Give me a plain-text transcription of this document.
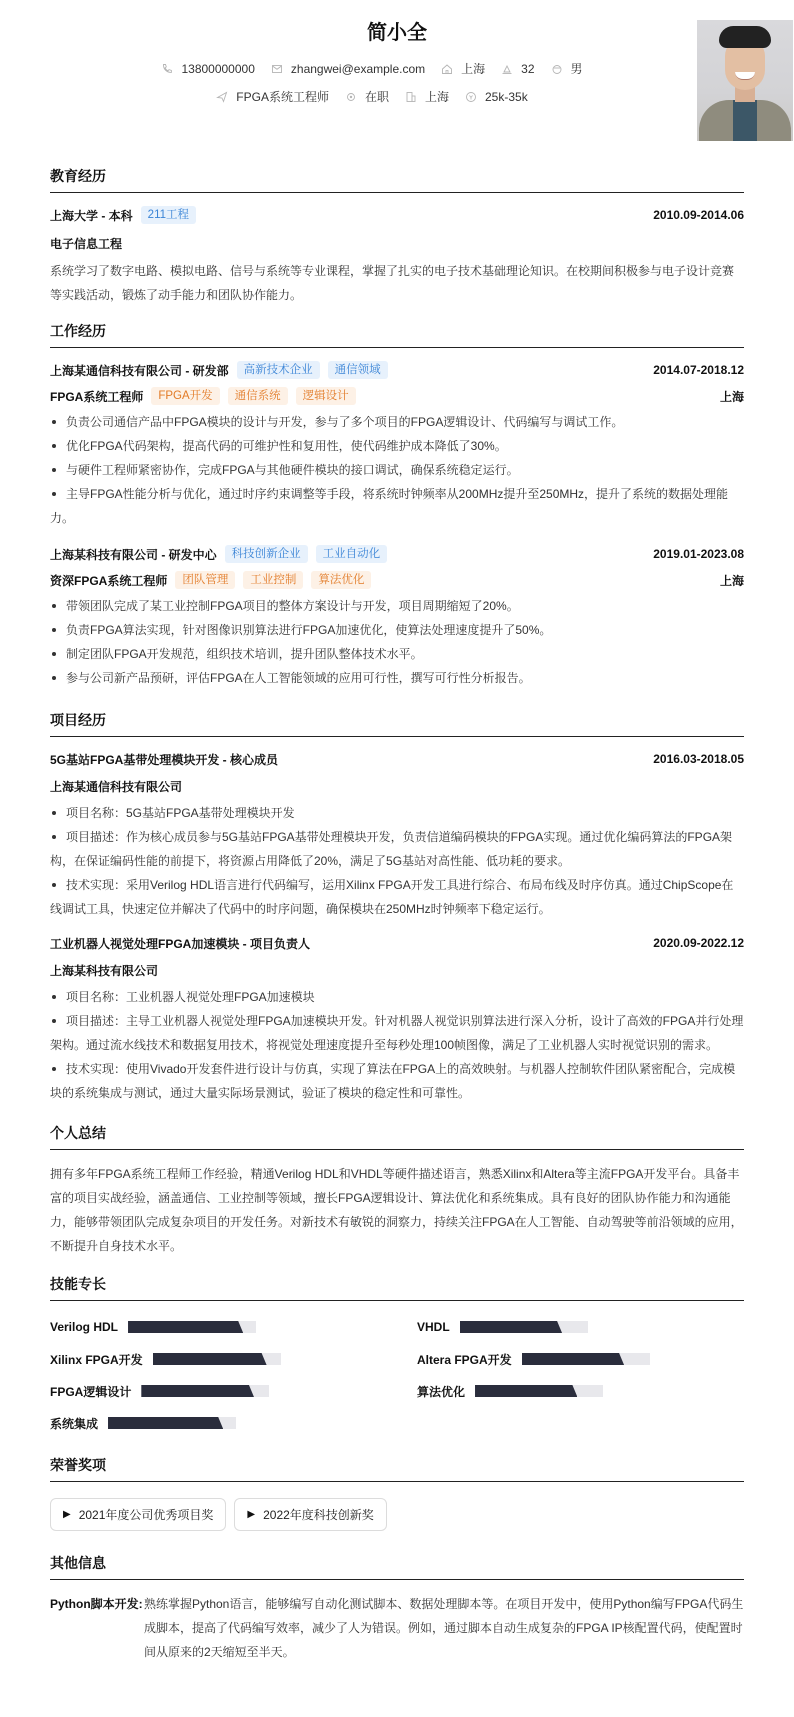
简小全
13800000000	zhangwei@example.com	上海	32	男
FPGA系统工程师	在职	上海	25k-35k
教育经历
上海大学 - 本科	211工程	2010.09-2014.06
电子信息工程
系统学习了数字电路、模拟电路、信号与系统等专业课程，掌握了扎实的电子技术基础理论知识。在校期间积极参与电子设计竞赛
等实践活动，锻炼了动手能力和团队协作能力。
工作经历
上海某通信科技有限公司 - 研发部	高新技术企业	通信领域	2014.07-2018.12
FPGA系统工程师	FPGA开发	通信系统	逻辑设计	上海
负责公司通信产品中FPGA模块的设计与开发，参与了多个项目的FPGA逻辑设计、代码编写与调试工作。
优化FPGA代码架构，提高代码的可维护性和复用性，使代码维护成本降低了30%。
与硬件工程师紧密协作，完成FPGA与其他硬件模块的接口调试，确保系统稳定运行。
主导FPGA性能分析与优化，通过时序约束调整等手段，将系统时钟频率从200MHz提升至250MHz，提升了系统的数据处理能力。
上海某科技有限公司 - 研发中心	科技创新企业	工业自动化	2019.01-2023.08
资深FPGA系统工程师	团队管理	工业控制	算法优化	上海
带领团队完成了某工业控制FPGA项目的整体方案设计与开发，项目周期缩短了20%。
负责FPGA算法实现，针对图像识别算法进行FPGA加速优化，使算法处理速度提升了50%。
制定团队FPGA开发规范，组织技术培训，提升团队整体技术水平。
参与公司新产品预研，评估FPGA在人工智能领域的应用可行性，撰写可行性分析报告。
项目经历
5G基站FPGA基带处理模块开发 - 核心成员	2016.03-2018.05
上海某通信科技有限公司
项目名称：5G基站FPGA基带处理模块开发
项目描述：作为核心成员参与5G基站FPGA基带处理模块开发，负责信道编码模块的FPGA实现。通过优化编码算法的FPGA架构，在保证编码性能的前提下，将资源占用降低了20%，满足了5G基站对高性能、低功耗的要求。
技术实现：采用Verilog HDL语言进行代码编写，运用Xilinx FPGA开发工具进行综合、布局布线及时序仿真。通过ChipScope在线调试工具，快速定位并解决了代码中的时序问题，确保模块在250MHz时钟频率下稳定运行。
工业机器人视觉处理FPGA加速模块 - 项目负责人	2020.09-2022.12
上海某科技有限公司
项目名称：工业机器人视觉处理FPGA加速模块
项目描述：主导工业机器人视觉处理FPGA加速模块开发。针对机器人视觉识别算法进行深入分析，设计了高效的FPGA并行处理架构。通过流水线技术和数据复用技术，将视觉处理速度提升至每秒处理100帧图像，满足了工业机器人实时视觉识别的需求。
技术实现：使用Vivado开发套件进行设计与仿真，实现了算法在FPGA上的高效映射。与机器人控制软件团队紧密配合，完成模块的系统集成与测试，通过大量实际场景测试，验证了模块的稳定性和可靠性。
个人总结
拥有多年FPGA系统工程师工作经验，精通Verilog HDL和VHDL等硬件描述语言，熟悉Xilinx和Altera等主流FPGA开发平台。具备丰富的项目实战经验，涵盖通信、工业控制等领域，擅长FPGA逻辑设计、算法优化和系统集成。具有良好的团队协作能力和沟通能力，能够带领团队完成复杂项目的开发任务。对新技术有敏锐的洞察力，持续关注FPGA在人工智能、自动驾驶等前沿领域的应用，不断提升自身技术水平。
技能专长
Verilog HDL	VHDL
Xilinx FPGA开发	Altera FPGA开发
FPGA逻辑设计	算法优化
系统集成
荣誉奖项
▶ 2021年度公司优秀项目奖	▶ 2022年度科技创新奖
其他信息
Python脚本开发: 熟练掌握Python语言，能够编写自动化测试脚本、数据处理脚本等。在项目开发中，使用Python编写FPGA代码生成脚本，提高了代码编写效率，减少了人为错误。例如，通过脚本自动生成复杂的FPGA IP核配置代码，使配置时间从原来的2天缩短至半天。
